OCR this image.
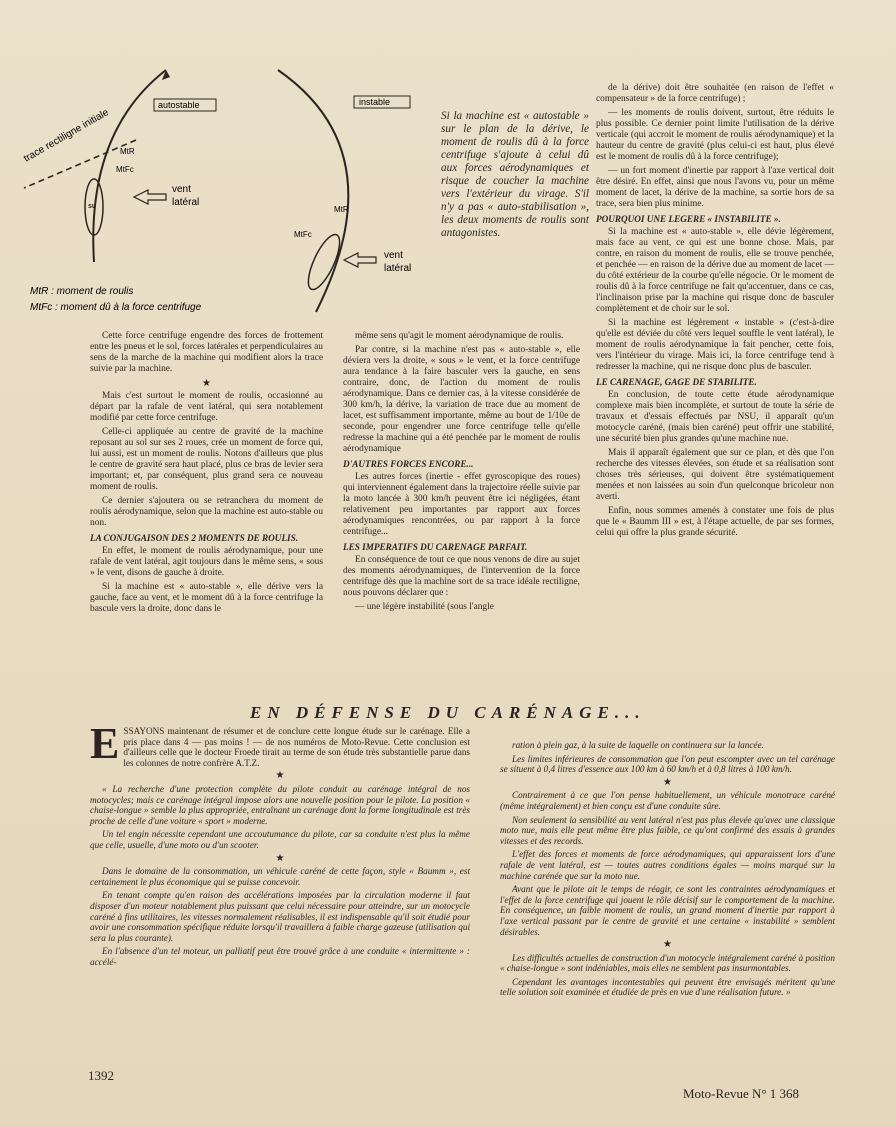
trace rectiligne initiale
su
MtR
MtFc
autostable
vent
latéral
instable
MtR
MtFc
vent
latéral
MtR : moment de roulis
MtFc : moment dû à la force centrifuge
Si la machine est « autostable » sur le plan de la dérive, le moment de roulis dû à la force centrifuge s'ajoute à celui dû aux forces aérodynamiques et risque de coucher la machine vers l'extérieur du virage. S'il n'y a pas « auto-stabilisation », les deux moments de roulis sont antagonistes.

Cette force centrifuge engendre des forces de frottement entre les pneus et le sol, forces latérales et perpendiculaires au sens de la marche de la machine qui modifient alors la trace suivie par la machine.

★

Mais c'est surtout le moment de roulis, occasionné au départ par la rafale de vent latéral, qui sera notablement modifié par cette force centrifuge.

Celle-ci appliquée au centre de gravité de la machine reposant au sol sur ses 2 roues, crée un moment de force qui, lui aussi, est un moment de roulis. Notons d'ailleurs que plus le centre de gravité sera haut placé, plus ce bras de levier sera important; et, par conséquent, plus grand sera ce nouveau moment de roulis.

Ce dernier s'ajoutera ou se retranchera du moment de roulis aérodynamique, selon que la machine est auto-stable ou non.

LA CONJUGAISON DES 2 MOMENTS DE ROULIS.

En effet, le moment de roulis aérodynamique, pour une rafale de vent latéral, agit toujours dans le même sens, « sous » le vent, disons de gauche à droite.

Si la machine est « auto-stable », elle dérive vers la gauche, face au vent, et le moment dû à la force centrifuge la bascule vers la droite, donc dans le

même sens qu'agit le moment aérodynamique de roulis.

Par contre, si la machine n'est pas « auto-stable », elle déviera vers la droite, « sous » le vent, et la force centrifuge aura tendance à la faire basculer vers la gauche, en sens contraire, donc, de l'action du moment de roulis aérodynamique. Dans ce dernier cas, à la vitesse considérée de 300 km/h, la dérive, la variation de trace due au moment de lacet, est suffisamment importante, même au bout de 1/10e de seconde, pour engendrer une force centrifuge telle qu'elle redresse la machine qui a été penchée par le moment de roulis aérodynamique

D'AUTRES FORCES ENCORE...

Les autres forces (inertie - effet gyroscopique des roues) qui interviennent également dans la trajectoire réelle suivie par la moto lancée à 300 km/h peuvent être ici négligées, étant relativement peu importantes par rapport aux forces aérodynamiques rencontrées, ou par rapport à la force centrifuge...

LES IMPERATIFS DU CARENAGE PARFAIT.

En conséquence de tout ce que nous venons de dire au sujet des moments aérodynamiques, de l'intervention de la force centrifuge dès que la machine sort de sa trace idéale rectiligne, nous pouvons déclarer que :

— une légère instabilité (sous l'angle

de la dérive) doit être souhaitée (en raison de l'effet « compensateur » de la force centrifuge) ;

— les moments de roulis doivent, surtout, être réduits le plus possible. Ce dernier point limite l'utilisation de la dérive verticale (qui accroit le moment de roulis aérodynamique) et la hauteur du centre de gravité (plus celui-ci est haut, plus élevé est le moment de roulis dû à la force centrifuge);

— un fort moment d'inertie par rapport à l'axe vertical doit être désiré. En effet, ainsi que nous l'avons vu, pour un même moment de lacet, la dérive de la machine, sa sortie hors de sa trace, sera bien plus minime.

POURQUOI UNE LEGERE « INSTABILITE ».

Si la machine est « auto-stable », elle dévie légèrement, mais face au vent, ce qui est une bonne chose. Mais, par contre, en raison du moment de roulis, elle se trouve penchée, et penchée — en raison de la dérive due au moment de lacet — du côté extérieur de la courbe qu'elle négocie. Or le moment de roulis dû à la force centrifuge ne fait qu'accentuer, dans ce cas, l'inclinaison prise par la machine qui risque donc de basculer complètement et de choir sur le sol.

Si la machine est légèrement « instable » (c'est-à-dire qu'elle est déviée du côté vers lequel souffle le vent latéral), le moment de roulis aérodynamique la fait pencher, cette fois, vers l'intérieur du virage. Mais ici, la force centrifuge tend à redresser la machine, qui ne risque donc plus de basculer.

LE CARENAGE, GAGE DE STABILITE.

En conclusion, de toute cette étude aérodynamique complexe mais bien incomplète, et surtout de toute la série de travaux et d'essais effectués par NSU, il apparaît qu'un motocycle caréné, (mais bien caréné) peut offrir une stabilité, une sécurité bien plus grandes qu'une machine nue.

Mais il apparaît également que sur ce plan, et dès que l'on recherche des vitesses élevées, son étude et sa réalisation sont choses très sérieuses, qui doivent être systématiquement menées et non laissées au soin d'un quelconque bricoleur non averti.

Enfin, nous sommes amenés à constater une fois de plus que le « Baumm III » est, à l'étape actuelle, de par ses formes, celui qui offre la plus grande sécurité.

EN DÉFENSE DU CARÉNAGE...

ESSAYONS maintenant de résumer et de conclure cette longue étude sur le carénage. Elle a pris place dans 4 — pas moins ! — de nos numéros de Moto-Revue. Cette conclusion est d'ailleurs celle que le docteur Froede tirait au terme de son étude très substantielle parue dans les colonnes de notre confrère A.T.Z.

★

« La recherche d'une protection complète du pilote conduit au carénage intégral de nos motocycles; mais ce carénage intégral impose alors une nouvelle position pour le pilote. La position « chaise-longue » semble la plus appropriée, entraînant un carénage dont la forme longitudinale est très proche de celle d'une voiture « sport » moderne.

Un tel engin nécessite cependant une accoutumance du pilote, car sa conduite n'est plus la même que celle, usuelle, d'une moto ou d'un scooter.

★

Dans le domaine de la consommation, un véhicule caréné de cette façon, style « Baumm », est certainement le plus économique qui se puisse concevoir.

En tenant compte qu'en raison des accélérations imposées par la circulation moderne il faut disposer d'un moteur notablement plus puissant que celui nécessaire pour atteindre, sur un motocycle caréné à fins utilitaires, les vitesses normalement réalisables, il est indispensable qu'il soit étudié pour avoir une consommation spécifique réduite lorsqu'il travaillera à faible charge gazeuse (utilisation qui sera la plus courante).

En l'absence d'un tel moteur, un palliatif peut être trouvé grâce à une conduite « intermittente » : accélé-

ration à plein gaz, à la suite de laquelle on continuera sur la lancée.

Les limites inférieures de consommation que l'on peut escompter avec un tel carénage se situent à 0,4 litres d'essence aux 100 km à 60 km/h et à 0,8 litres à 100 km/h.

★

Contrairement à ce que l'on pense habituellement, un véhicule monotrace caréné (même intégralement) et bien conçu est d'une conduite sûre.

Non seulement la sensibilité au vent latéral n'est pas plus élevée qu'avec une classique moto nue, mais elle peut même être plus faible, ce qu'ont confirmé des essais à grandes vitesses et des records.

L'effet des forces et moments de force aérodynamiques, qui apparaissent lors d'une rafale de vent latéral, est — toutes autres conditions égales — moins marqué sur la machine carénée que sur la moto nue.

Avant que le pilote ait le temps de réagir, ce sont les contraintes aérodynamiques et l'effet de la force centrifuge qui jouent le rôle décisif sur le comportement de la machine. En conséquence, un faible moment de roulis, un grand moment d'inertie par rapport à l'axe vertical passant par le centre de gravité et une certaine « instabilité » semblent désirables.

★

Les difficultés actuelles de construction d'un motocycle intégralement caréné à position « chaise-longue » sont indéniables, mais elles ne semblent pas insurmontables.

Cependant les avantages incontestables qui peuvent être envisagés méritent qu'une telle solution soit examinée et étudiée de près en vue d'une réalisation future. »

1392
Moto-Revue N° 1 368
